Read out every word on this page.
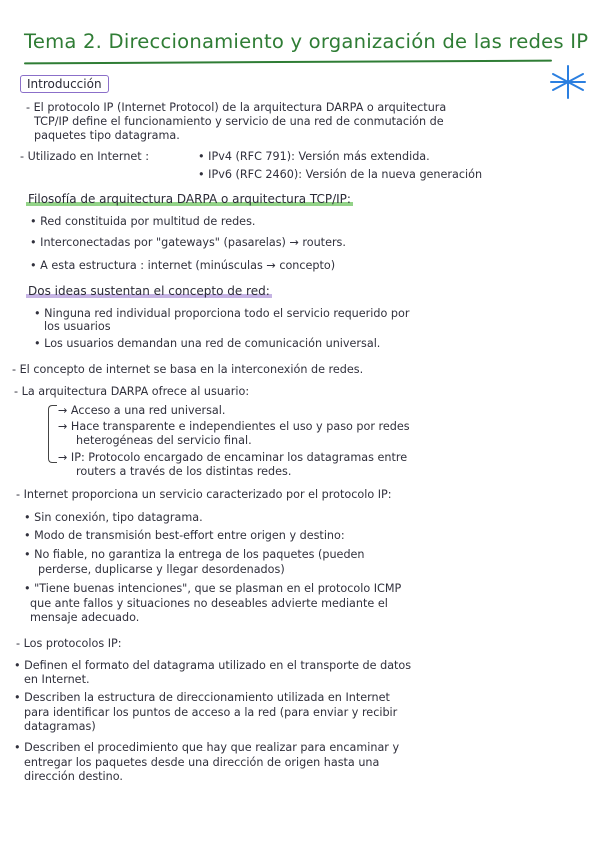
Tema 2. Direccionamiento y organización de las redes IP
Introducción
- El protocolo IP (Internet Protocol) de la arquitectura DARPA o arquitectura
TCP/IP define el funcionamiento y servicio de una red de conmutación de
paquetes tipo datagrama.
- Utilizado en Internet :	• IPv4 (RFC 791): Versión más extendida.
• IPv6 (RFC 2460): Versión de la nueva generación
Filosofía de arquitectura DARPA o arquitectura TCP/IP:
• Red constituida por multitud de redes.
• Interconectadas por "gateways" (pasarelas) → routers.
• A esta estructura : internet (minúsculas → concepto)
Dos ideas sustentan el concepto de red:
• Ninguna red individual proporciona todo el servicio requerido por
los usuarios
• Los usuarios demandan una red de comunicación universal.
- El concepto de internet se basa en la interconexión de redes.
- La arquitectura DARPA ofrece al usuario:
→ Acceso a una red universal.
→ Hace transparente e independientes el uso y paso por redes
heterogéneas del servicio final.
→ IP: Protocolo encargado de encaminar los datagramas entre
routers a través de los distintas redes.
- Internet proporciona un servicio caracterizado por el protocolo IP:
• Sin conexión, tipo datagrama.
• Modo de transmisión best-effort entre origen y destino:
• No fiable, no garantiza la entrega de los paquetes (pueden
perderse, duplicarse y llegar desordenados)
• "Tiene buenas intenciones", que se plasman en el protocolo ICMP
que ante fallos y situaciones no deseables advierte mediante el
mensaje adecuado.
- Los protocolos IP:
• Definen el formato del datagrama utilizado en el transporte de datos
en Internet.
• Describen la estructura de direccionamiento utilizada en Internet
para identificar los puntos de acceso a la red (para enviar y recibir
datagramas)
• Describen el procedimiento que hay que realizar para encaminar y
entregar los paquetes desde una dirección de origen hasta una
dirección destino.
